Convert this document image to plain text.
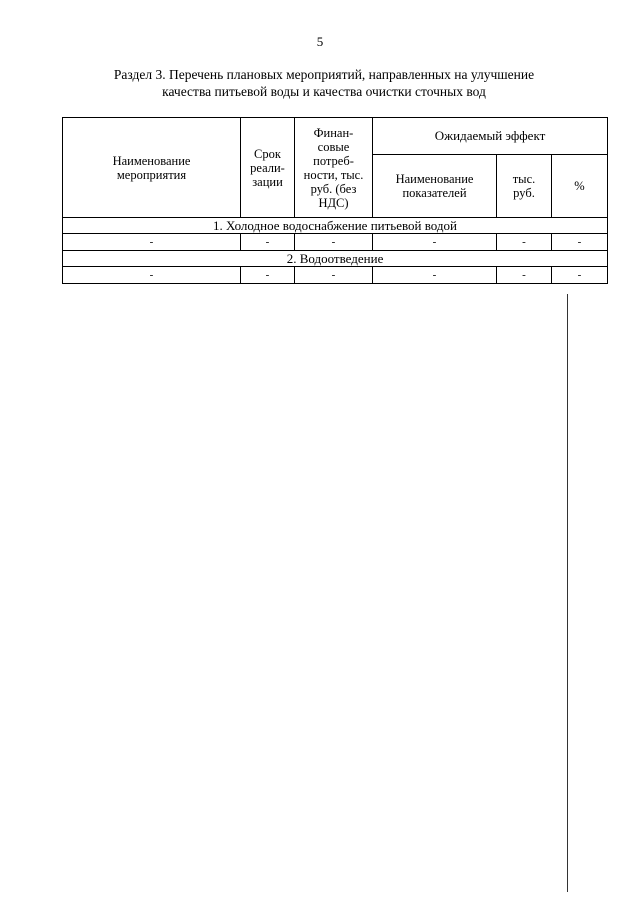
5
Раздел 3. Перечень плановых мероприятий, направленных на улучшение
качества питьевой воды и качества очистки сточных вод
Наименование мероприятия	Срок реали-зации	Финан-совые потреб-ности, тыс. руб. (без НДС)	Ожидаемый эффект		

			Наименование показателей	тыс. руб.	%
1. Холодное водоснабжение питьевой водой					
-	-	-	-	-	-
2. Водоотведение					
-	-	-	-	-	-
